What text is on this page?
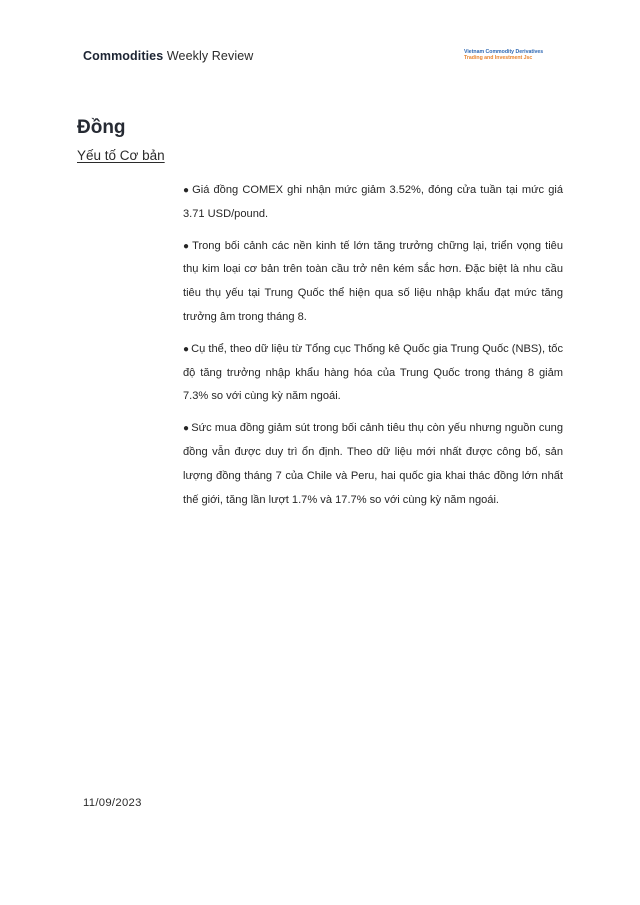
Commodities Weekly Review	Vietnam Commodity Derivatives
Trading and Investment Jsc
Đồng
Yếu tố Cơ bản

● Giá đồng COMEX ghi nhận mức giảm 3.52%, đóng cửa tuần tại mức giá 3.71 USD/pound.

● Trong bối cảnh các nền kinh tế lớn tăng trưởng chững lại, triển vọng tiêu thụ kim loại cơ bản trên toàn cầu trở nên kém sắc hơn. Đặc biệt là nhu cầu tiêu thụ yếu tại Trung Quốc thể hiện qua số liệu nhập khẩu đạt mức tăng trưởng âm trong tháng 8.

● Cụ thể, theo dữ liệu từ Tổng cục Thống kê Quốc gia Trung Quốc (NBS), tốc độ tăng trưởng nhập khẩu hàng hóa của Trung Quốc trong tháng 8 giảm 7.3% so với cùng kỳ năm ngoái.

● Sức mua đồng giảm sút trong bối cảnh tiêu thụ còn yếu nhưng nguồn cung đồng vẫn được duy trì ổn định. Theo dữ liệu mới nhất được công bố, sản lượng đồng tháng 7 của Chile và Peru, hai quốc gia khai thác đồng lớn nhất thế giới, tăng lần lượt 1.7% và 17.7% so với cùng kỳ năm ngoái.

11/09/2023
